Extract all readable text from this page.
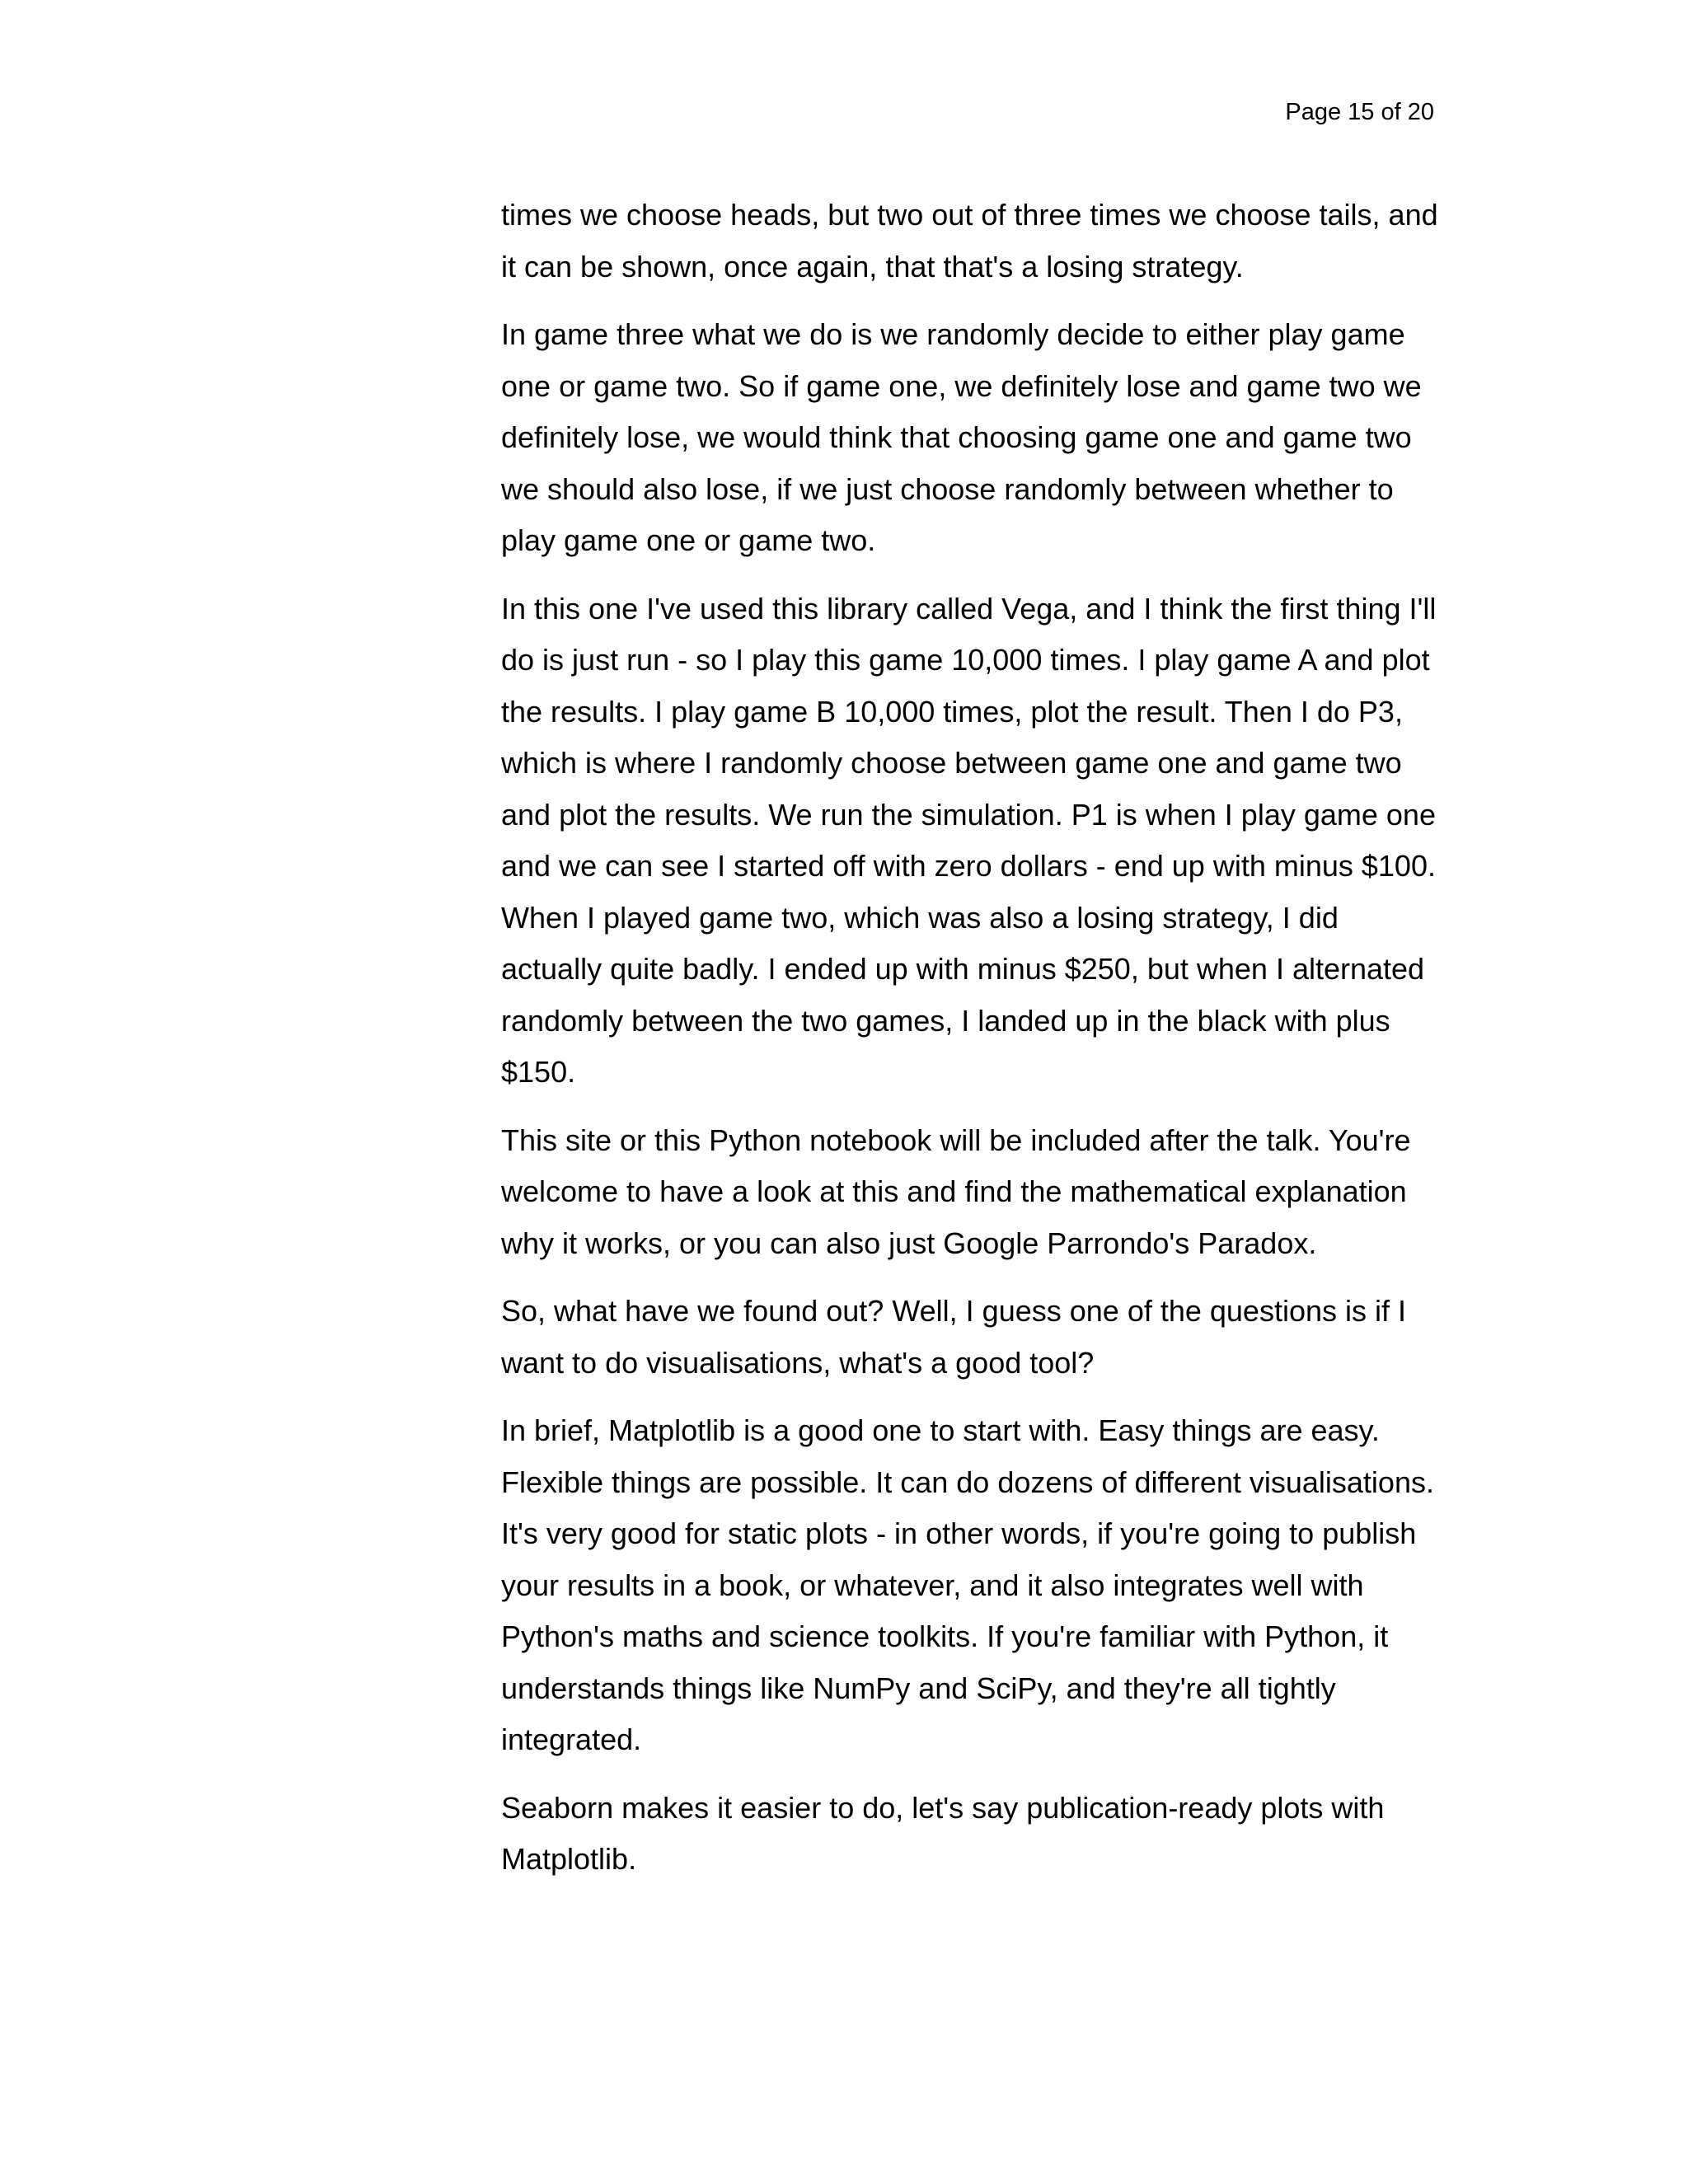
Page 15 of 20

times we choose heads, but two out of three times we choose tails, and it can be shown, once again, that that's a losing strategy.

In game three what we do is we randomly decide to either play game one or game two. So if game one, we definitely lose and game two we definitely lose, we would think that choosing game one and game two we should also lose, if we just choose randomly between whether to play game one or game two.

In this one I've used this library called Vega, and I think the first thing I'll do is just run - so I play this game 10,000 times. I play game A and plot the results. I play game B 10,000 times, plot the result. Then I do P3, which is where I randomly choose between game one and game two and plot the results. We run the simulation. P1 is when I play game one and we can see I started off with zero dollars - end up with minus $100. When I played game two, which was also a losing strategy, I did actually quite badly. I ended up with minus $250, but when I alternated randomly between the two games, I landed up in the black with plus $150.

This site or this Python notebook will be included after the talk. You're welcome to have a look at this and find the mathematical explanation why it works, or you can also just Google Parrondo's Paradox.

So, what have we found out? Well, I guess one of the questions is if I want to do visualisations, what's a good tool?

In brief, Matplotlib is a good one to start with. Easy things are easy. Flexible things are possible. It can do dozens of different visualisations. It's very good for static plots - in other words, if you're going to publish your results in a book, or whatever, and it also integrates well with Python's maths and science toolkits. If you're familiar with Python, it understands things like NumPy and SciPy, and they're all tightly integrated.

Seaborn makes it easier to do, let's say publication-ready plots with Matplotlib.
